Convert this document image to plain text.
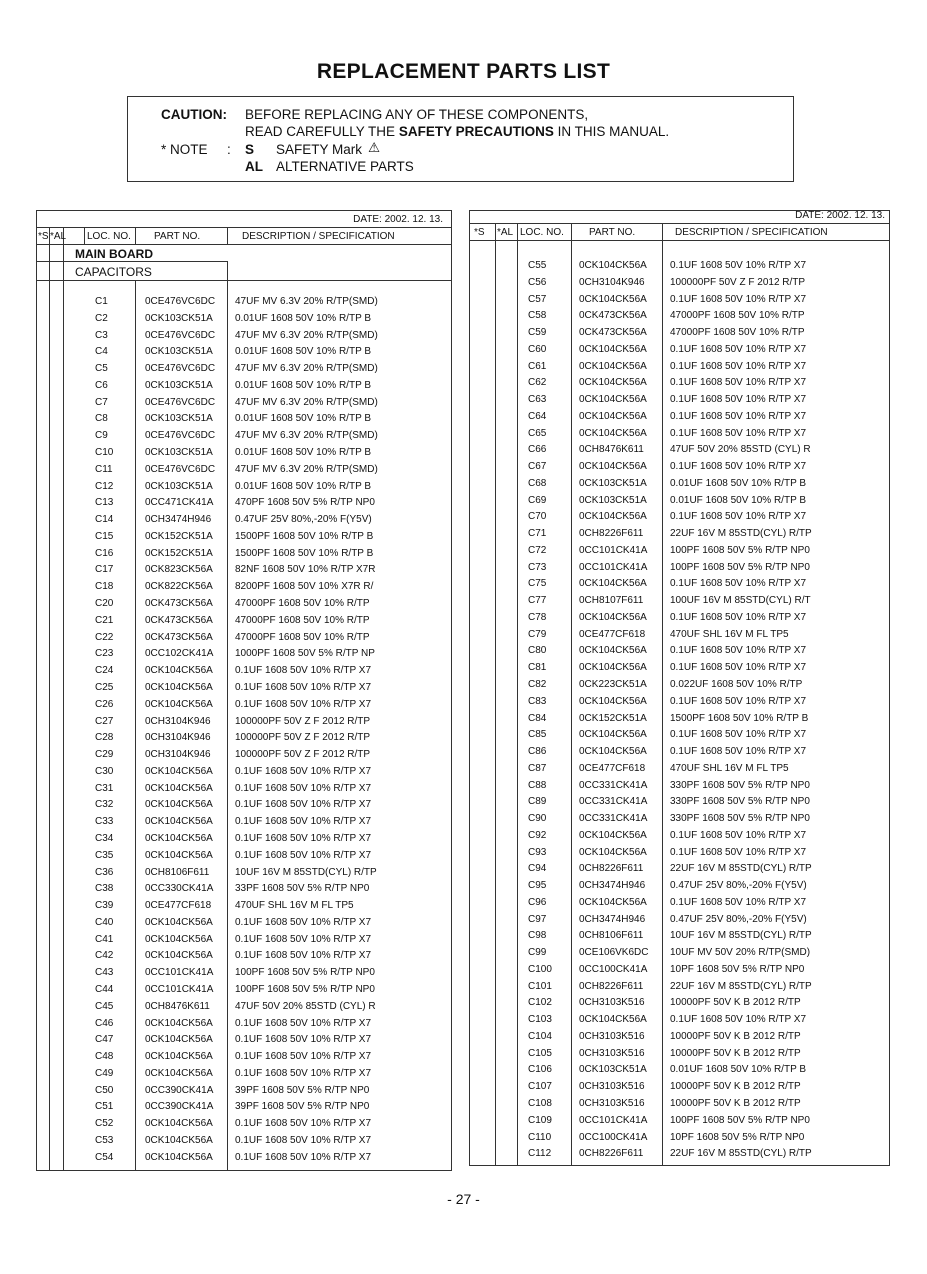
REPLACEMENT PARTS LIST
CAUTION: BEFORE REPLACING ANY OF THESE COMPONENTS,
READ CAREFULLY THE SAFETY PRECAUTIONS IN THIS MANUAL.
* NOTE : S SAFETY Mark ⚠
AL ALTERNATIVE PARTS
DATE: 2002. 12. 13.
*S *AL LOC. NO. PART NO.	DESCRIPTION / SPECIFICATION
MAIN BOARD
CAPACITORS
C1	0CE476VC6DC 47UF MV 6.3V 20% R/TP(SMD)
C2	0CK103CK51A 0.01UF 1608 50V 10% R/TP B
C3	0CE476VC6DC 47UF MV 6.3V 20% R/TP(SMD)
C4	0CK103CK51A 0.01UF 1608 50V 10% R/TP B
C5	0CE476VC6DC 47UF MV 6.3V 20% R/TP(SMD)
C6	0CK103CK51A 0.01UF 1608 50V 10% R/TP B
C7	0CE476VC6DC 47UF MV 6.3V 20% R/TP(SMD)
C8	0CK103CK51A 0.01UF 1608 50V 10% R/TP B
C9	0CE476VC6DC 47UF MV 6.3V 20% R/TP(SMD)
C10	0CK103CK51A 0.01UF 1608 50V 10% R/TP B
C11	0CE476VC6DC 47UF MV 6.3V 20% R/TP(SMD)
C12	0CK103CK51A 0.01UF 1608 50V 10% R/TP B
C13	0CC471CK41A 470PF 1608 50V 5% R/TP NP0
C14	0CH3474H946 0.47UF 25V 80%,-20% F(Y5V)
C15	0CK152CK51A 1500PF 1608 50V 10% R/TP B
C16	0CK152CK51A 1500PF 1608 50V 10% R/TP B
C17	0CK823CK56A 82NF 1608 50V 10% R/TP X7R
C18	0CK822CK56A 8200PF 1608 50V 10% X7R R/
C20	0CK473CK56A 47000PF 1608 50V 10% R/TP
C21	0CK473CK56A 47000PF 1608 50V 10% R/TP
C22	0CK473CK56A 47000PF 1608 50V 10% R/TP
C23	0CC102CK41A 1000PF 1608 50V 5% R/TP NP
C24	0CK104CK56A 0.1UF 1608 50V 10% R/TP X7
C25	0CK104CK56A 0.1UF 1608 50V 10% R/TP X7
C26	0CK104CK56A 0.1UF 1608 50V 10% R/TP X7
C27	0CH3104K946 100000PF 50V Z F 2012 R/TP
C28	0CH3104K946 100000PF 50V Z F 2012 R/TP
C29	0CH3104K946 100000PF 50V Z F 2012 R/TP
C30	0CK104CK56A 0.1UF 1608 50V 10% R/TP X7
C31	0CK104CK56A 0.1UF 1608 50V 10% R/TP X7
C32	0CK104CK56A 0.1UF 1608 50V 10% R/TP X7
C33	0CK104CK56A 0.1UF 1608 50V 10% R/TP X7
C34	0CK104CK56A 0.1UF 1608 50V 10% R/TP X7
C35	0CK104CK56A 0.1UF 1608 50V 10% R/TP X7
C36	0CH8106F611	10UF 16V M 85STD(CYL) R/TP
C38	0CC330CK41A 33PF 1608 50V 5% R/TP NP0
C39	0CE477CF618 470UF SHL 16V M FL TP5
C40	0CK104CK56A 0.1UF 1608 50V 10% R/TP X7
C41	0CK104CK56A 0.1UF 1608 50V 10% R/TP X7
C42	0CK104CK56A 0.1UF 1608 50V 10% R/TP X7
C43	0CC101CK41A 100PF 1608 50V 5% R/TP NP0
C44	0CC101CK41A 100PF 1608 50V 5% R/TP NP0
C45	0CH8476K611	47UF 50V 20% 85STD (CYL) R
C46	0CK104CK56A 0.1UF 1608 50V 10% R/TP X7
C47	0CK104CK56A 0.1UF 1608 50V 10% R/TP X7
C48	0CK104CK56A 0.1UF 1608 50V 10% R/TP X7
C49	0CK104CK56A 0.1UF 1608 50V 10% R/TP X7
C50	0CC390CK41A 39PF 1608 50V 5% R/TP NP0
C51	0CC390CK41A 39PF 1608 50V 5% R/TP NP0
C52	0CK104CK56A 0.1UF 1608 50V 10% R/TP X7
C53	0CK104CK56A 0.1UF 1608 50V 10% R/TP X7
C54	0CK104CK56A 0.1UF 1608 50V 10% R/TP X7
DATE: 2002. 12. 13.
*S *AL LOC. NO.	PART NO.	DESCRIPTION / SPECIFICATION
C55	0CK104CK56A 0.1UF 1608 50V 10% R/TP X7
C56	0CH3104K946	100000PF 50V Z F 2012 R/TP
C57	0CK104CK56A 0.1UF 1608 50V 10% R/TP X7
C58	0CK473CK56A 47000PF 1608 50V 10% R/TP
C59	0CK473CK56A 47000PF 1608 50V 10% R/TP
C60	0CK104CK56A 0.1UF 1608 50V 10% R/TP X7
C61	0CK104CK56A 0.1UF 1608 50V 10% R/TP X7
C62	0CK104CK56A 0.1UF 1608 50V 10% R/TP X7
C63	0CK104CK56A 0.1UF 1608 50V 10% R/TP X7
C64	0CK104CK56A 0.1UF 1608 50V 10% R/TP X7
C65	0CK104CK56A 0.1UF 1608 50V 10% R/TP X7
C66	0CH8476K611	47UF 50V 20% 85STD (CYL) R
C67	0CK104CK56A 0.1UF 1608 50V 10% R/TP X7
C68	0CK103CK51A 0.01UF 1608 50V 10% R/TP B
C69	0CK103CK51A 0.01UF 1608 50V 10% R/TP B
C70	0CK104CK56A 0.1UF 1608 50V 10% R/TP X7
C71	0CH8226F611	22UF 16V M 85STD(CYL) R/TP
C72	0CC101CK41A 100PF 1608 50V 5% R/TP NP0
C73	0CC101CK41A 100PF 1608 50V 5% R/TP NP0
C75	0CK104CK56A 0.1UF 1608 50V 10% R/TP X7
C77	0CH8107F611	100UF 16V M 85STD(CYL) R/T
C78	0CK104CK56A 0.1UF 1608 50V 10% R/TP X7
C79	0CE477CF618 470UF SHL 16V M FL TP5
C80	0CK104CK56A 0.1UF 1608 50V 10% R/TP X7
C81	0CK104CK56A 0.1UF 1608 50V 10% R/TP X7
C82	0CK223CK51A 0.022UF 1608 50V 10% R/TP
C83	0CK104CK56A 0.1UF 1608 50V 10% R/TP X7
C84	0CK152CK51A 1500PF 1608 50V 10% R/TP B
C85	0CK104CK56A 0.1UF 1608 50V 10% R/TP X7
C86	0CK104CK56A 0.1UF 1608 50V 10% R/TP X7
C87	0CE477CF618 470UF SHL 16V M FL TP5
C88	0CC331CK41A 330PF 1608 50V 5% R/TP NP0
C89	0CC331CK41A 330PF 1608 50V 5% R/TP NP0
C90	0CC331CK41A 330PF 1608 50V 5% R/TP NP0
C92	0CK104CK56A 0.1UF 1608 50V 10% R/TP X7
C93	0CK104CK56A 0.1UF 1608 50V 10% R/TP X7
C94	0CH8226F611	22UF 16V M 85STD(CYL) R/TP
C95	0CH3474H946 0.47UF 25V 80%,-20% F(Y5V)
C96	0CK104CK56A 0.1UF 1608 50V 10% R/TP X7
C97	0CH3474H946 0.47UF 25V 80%,-20% F(Y5V)
C98	0CH8106F611	10UF 16V M 85STD(CYL) R/TP
C99	0CE106VK6DC 10UF MV 50V 20% R/TP(SMD)
C100	0CC100CK41A 10PF 1608 50V 5% R/TP NP0
C101	0CH8226F611	22UF 16V M 85STD(CYL) R/TP
C102	0CH3103K516	10000PF 50V K B 2012 R/TP
C103	0CK104CK56A 0.1UF 1608 50V 10% R/TP X7
C104	0CH3103K516	10000PF 50V K B 2012 R/TP
C105	0CH3103K516	10000PF 50V K B 2012 R/TP
C106	0CK103CK51A 0.01UF 1608 50V 10% R/TP B
C107	0CH3103K516	10000PF 50V K B 2012 R/TP
C108	0CH3103K516	10000PF 50V K B 2012 R/TP
C109	0CC101CK41A 100PF 1608 50V 5% R/TP NP0
C110	0CC100CK41A 10PF 1608 50V 5% R/TP NP0
C112	0CH8226F611	22UF 16V M 85STD(CYL) R/TP
- 27 -
